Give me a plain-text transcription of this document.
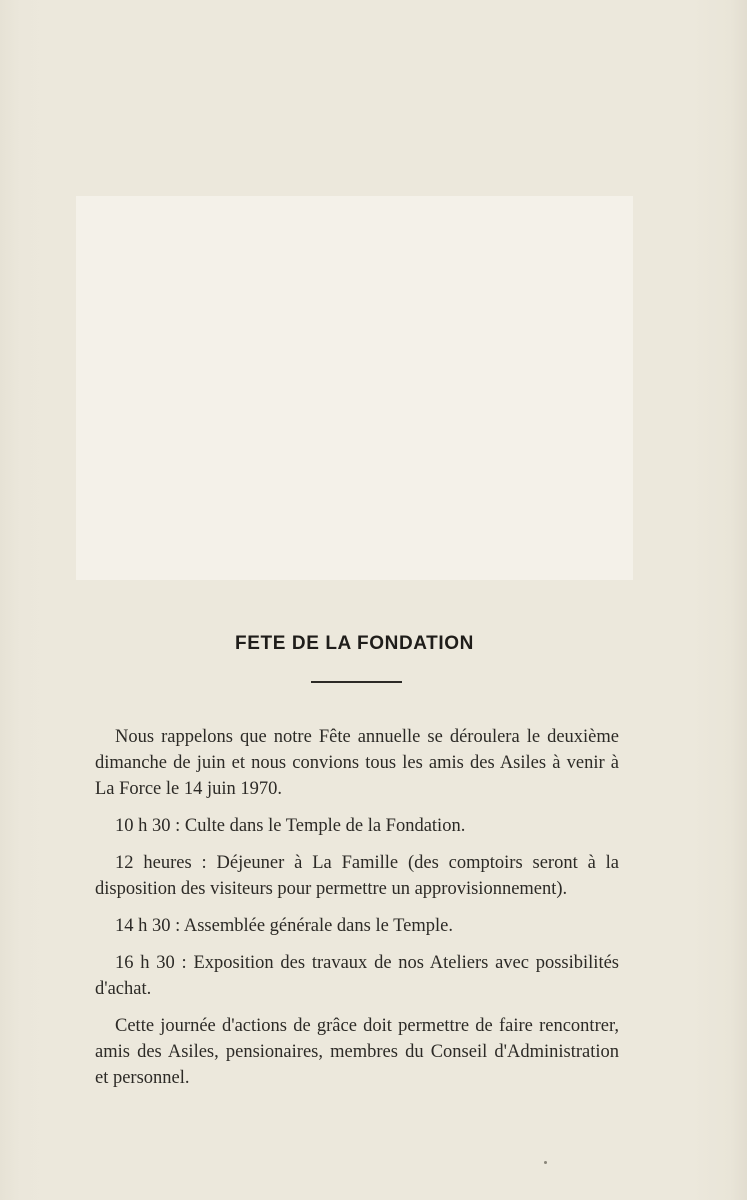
FETE DE LA FONDATION

Nous rappelons que notre Fête annuelle se déroulera le deuxième dimanche de juin et nous convions tous les amis des Asiles à venir à La Force le 14 juin 1970.

10 h 30 : Culte dans le Temple de la Fondation.

12 heures : Déjeuner à La Famille (des comptoirs seront à la disposition des visiteurs pour permettre un approvisionnement).

14 h 30 : Assemblée générale dans le Temple.

16 h 30 : Exposition des travaux de nos Ateliers avec possibilités d'achat.

Cette journée d'actions de grâce doit permettre de faire rencontrer, amis des Asiles, pensionaires, membres du Conseil d'Administration et personnel.
